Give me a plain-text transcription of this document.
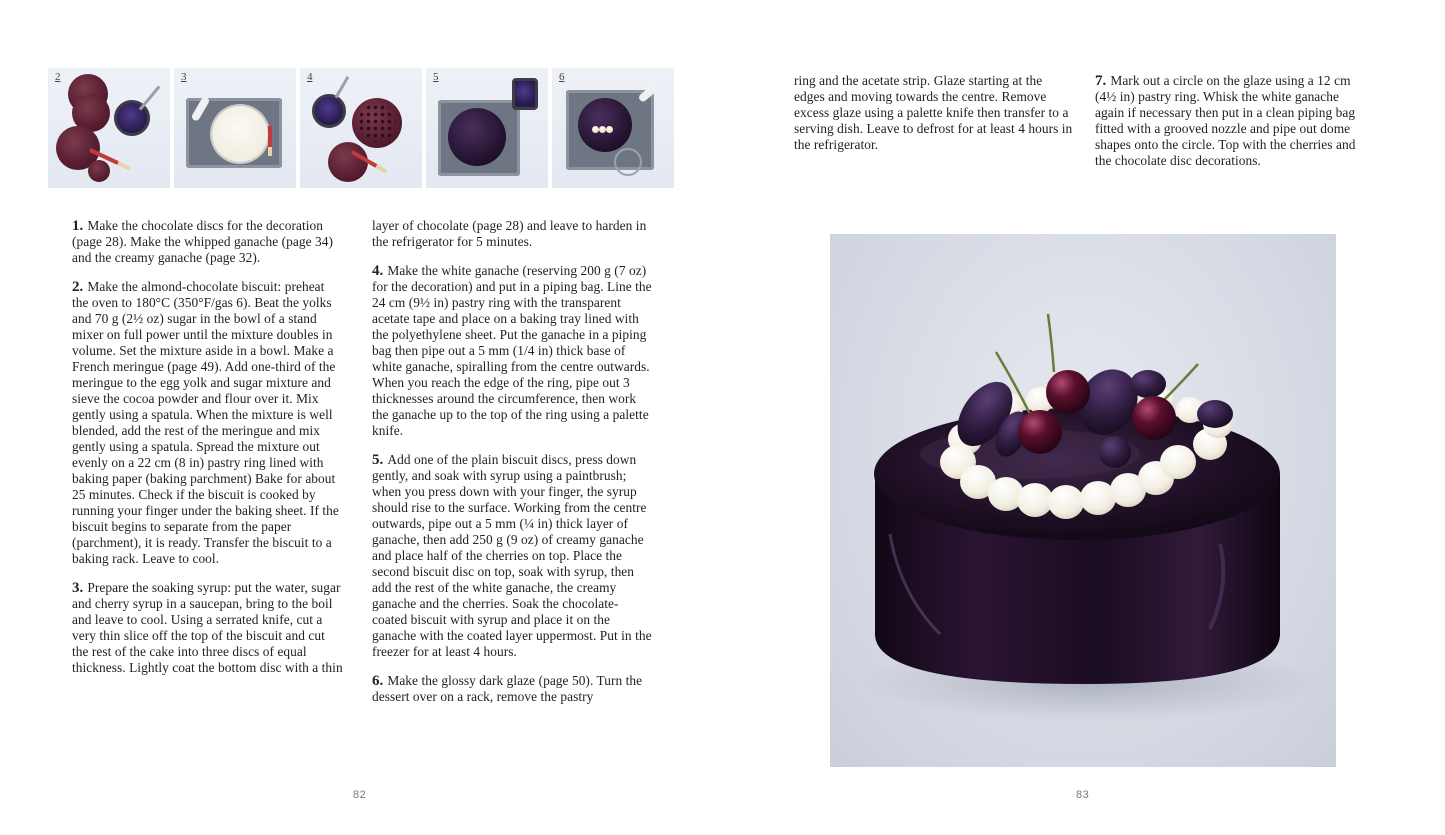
2	3	4	5	6

1. Make the chocolate discs for the decoration (page 28). Make the whipped ganache (page 34) and the creamy ganache (page 32).

2. Make the almond-chocolate biscuit: preheat the oven to 180°C (350°F/gas 6). Beat the yolks and 70 g (2½ oz) sugar in the bowl of a stand mixer on full power until the mixture doubles in volume. Set the mixture aside in a bowl. Make a French meringue (page 49). Add one-third of the meringue to the egg yolk and sugar mixture and sieve the cocoa powder and flour over it. Mix gently using a spatula. When the mixture is well blended, add the rest of the meringue and mix gently using a spatula. Spread the mixture out evenly on a 22 cm (8 in) pastry ring lined with baking paper (baking parchment) Bake for about 25 minutes. Check if the biscuit is cooked by running your finger under the baking sheet. If the biscuit begins to separate from the paper (parchment), it is ready. Transfer the biscuit to a baking rack. Leave to cool.

3. Prepare the soaking syrup: put the water, sugar and cherry syrup in a saucepan, bring to the boil and leave to cool. Using a serrated knife, cut a very thin slice off the top of the biscuit and cut the rest of the cake into three discs of equal thickness. Lightly coat the bottom disc with a thin

layer of chocolate (page 28) and leave to harden in the refrigerator for 5 minutes.

4. Make the white ganache (reserving 200 g (7 oz) for the decoration) and put in a piping bag. Line the 24 cm (9½ in) pastry ring with the transparent acetate tape and place on a baking tray lined with the polyethylene sheet. Put the ganache in a piping bag then pipe out a 5 mm (1/4 in) thick base of white ganache, spiralling from the centre outwards. When you reach the edge of the ring, pipe out 3 thicknesses around the circumference, then work the ganache up to the top of the ring using a palette knife.

5. Add one of the plain biscuit discs, press down gently, and soak with syrup using a paintbrush; when you press down with your finger, the syrup should rise to the surface. Working from the centre outwards, pipe out a 5 mm (¼ in) thick layer of ganache, then add 250 g (9 oz) of creamy ganache and place half of the cherries on top. Place the second biscuit disc on top, soak with syrup, then add the rest of the white ganache, the creamy ganache and the cherries. Soak the chocolate-coated biscuit with syrup and place it on the ganache with the coated layer uppermost. Put in the freezer for at least 4 hours.

6. Make the glossy dark glaze (page 50). Turn the dessert over on a rack, remove the pastry

ring and the acetate strip. Glaze starting at the edges and moving towards the centre. Remove excess glaze using a palette knife then transfer to a serving dish. Leave to defrost for at least 4 hours in the refrigerator.

7. Mark out a circle on the glaze using a 12 cm (4½ in) pastry ring. Whisk the white ganache again if necessary then put in a clean piping bag fitted with a grooved nozzle and pipe out dome shapes onto the circle. Top with the cherries and the chocolate disc decorations.

82	83
